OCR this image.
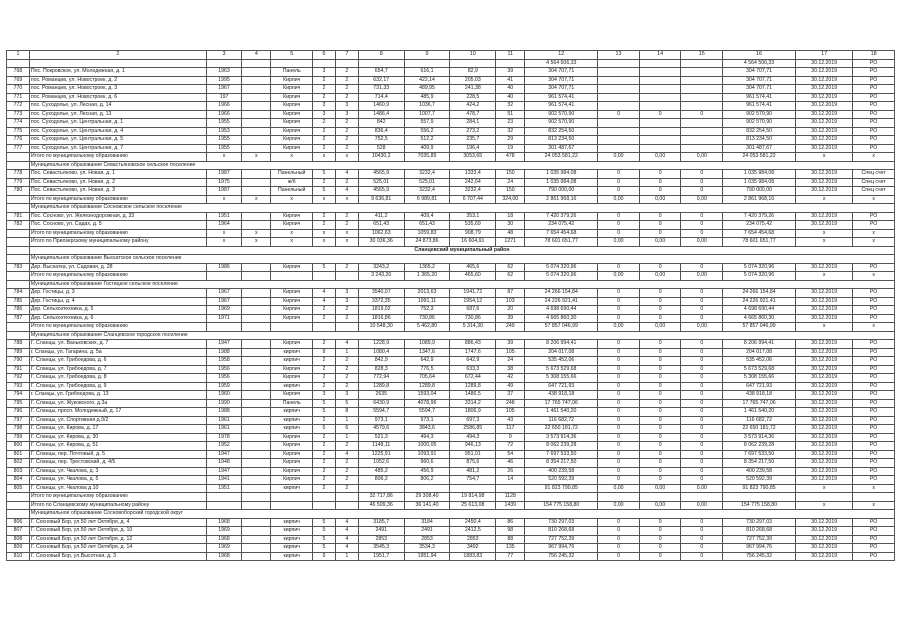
1	2	3	4	5	6	7	8	9	10	11	12	13	14	15	16	17	18
											4 564 506,33				4 564 506,33	30.12.2019	РО
768	Пос. Покровское, ул. Молодежная, д. 1	1963		Панель	3	2	654,7	616,1	82,9	39	304 707,71				304 707,71	30.12.2019	РО
769	пос. Романцев, ул. Новостроек, д. 2	1995		Кирпич	2	2	632,17	422,14	205,03	41	304 707,71				304 707,71	30.12.2019	РО
770	пос. Романцев, ул. Новостроек, д. 3	1967		Кирпич	2	2	731,33	489,95	241,38	40	304 707,71				304 707,71	30.12.2019	РО
771	пос. Романцев, ул. Новостроек, д. 6	197		Кирпич	2	2	714,4	485,9	228,5	40	961 574,41				961 574,41	30.12.2019	РО
772	пос. Суходолье, ул. Лесная, д. 14	1966		Кирпич	3	3	1460,9	1036,7	424,2	32	961 574,41				961 574,41	30.12.2019	РО
773	пос. Суходолье, ул. Лесная, д. 13	1966		Кирпич	3	3	1486,4	1007,7	478,7	51	902 570,90	0	0	0	902 570,90	30.12.2019	РО
774	пос. Суходолье, ул. Центральная, д. 1	1955		Кирпич	2	2	842	557,9	284,1	23	902 570,90				902 570,90	30.12.2019	РО
775	пос. Суходолье, ул. Центральная, д. 4	1953		Кирпич	2	2	836,4	556,2	273,2	32	832 254,50				832 254,50	30.12.2019	РО
776	пос. Суходолье, ул. Центральная, д. 5	1955		Кирпич	2	2	752,5	512,2	235,7	29	813 234,50				813 234,50	30.12.2019	РО
777	пос. Суходолье, ул. Центральная, д. 7	1955		Кирпич	2	2	528	409,9	196,4	19	301 487,67				301 487,67	30.12.2019	РО
	Итого по муниципальному образованию	х	х	х	х	х	10430,2	7035,89	3053,65	478	24 053 581,22	0,00	0,00	0,00	24 053 581,22	х	х
	Муниципальное образование Севастьяновское сельское поселение																
778	Пос. Севастьяново, ул. Новая, д. 1	1987		Панельный	5	4	4565,9	3232,4	1333,4	150	1 035 984,08	0	0	0	1 035 984,08	30.12.2019	Спец счет
779	Пос. Севастьяново, ул. Новая, д. 2	1975		ж/б	2	2	525,01	525,01	242,64	24	1 035 984,08	0	0	0	1 035 984,08	30.12.2019	Спец счет
780	Пос. Севастьяново, ул. Новая, д. 3	1987		Панельный	5	4	4565,9	3232,4	3232,4	150	790 000,00	0	0	0	790 000,00	30.12.2019	Спец счет
	Итого по муниципальному образованию	х	х	х	х	х	9 636,81	6 989,81	6 707,44	324,00	2 861 968,16	0,00	0,00	0,00	2 861 968,16	х	х
	Муниципальное образование Сосновское сельское поселение																
781	Пос. Сосново, ул. Железнодорожная, д. 33	1951		Кирпич	2	2	411,2	409,4	353,1	18	7 420 379,26	0	0	0	7 420 379,26	30.12.2019	РО
782	Пос. Сосново, ул. Садах, д. 5	1964		Кирпич	2	2	651,43	651,43	535,69	30	234 075,42	0	0	0	234 075,42	30.12.2019	РО
	Итого по муниципальному образованию	х	х	х	х	х	1062,63	1059,83	908,79	48	7 654 454,68	0	0	0	7 654 454,68	х	х
	Итого по Приозерскому муниципальному району	х	х	х	х	х	30 036,36	24 873,86	16 604,91	1271	78 601 651,77	0,00	0,00	0,00	78 601 651,77	х	х
	Сланцевский муниципальный район																
	Муниципальное образование Выскатское сельское поселение																
783	Дер. Выскатка, ул. Садовая, д. 28	1986		Кирпич	5	2	3243,2	1365,2	465,6	62	5 074 320,96	0	0	0	5 074 320,96	30.12.2019	РО
	Итого по муниципальному образованию						3 243,20	1 365,20	465,60	62	5 074 320,96	0,00	0,00	0,00	5 074 320,96	х	х
	Муниципальное образование Гостицкое сельское поселение																
784	Дер. Гостицы, д. 3	1967		Кирпич	4	3	3540,07	2013,63	1941,72	87	24 266 154,84	0	0	0	24 266 154,84	30.12.2019	РО
785	Дер. Гостицы, д. 4	1967		Кирпич	4	3	3372,35	1991,11	1954,12	103	24 226 921,41	0	0	0	24 226 921,41	30.12.2019	РО
786	Дер. Сельхозтехника, д. 5	1969		Кирпич	2	2	1819,02	752,3	687,6	20	4 698 690,44	0	0	0	4 698 690,44	30.12.2019	РО
787	Дер. Сельхозтехника, д. 6	1971		Кирпич	2	2	1816,86	730,86	730,86	39	4 665 860,30	0	0	0	4 665 860,30	30.12.2019	РО
	Итого по муниципальному образованию						10 548,30	5 462,80	5 314,30	249	57 857 046,99	0,00	0,00	0,00	57 857 046,99	х	х
	Муниципальное образование Сланцевское городское поселение																
788	Г. Сланцы, ул. Ваньковских, д. 7	1947		Кирпич	2	4	1228,9	1089,9	886,43	39	8 206 994,41	0	0	0	8 206 994,41	30.12.2019	РО
789	г. Сланцы, ул. Гагарина, д. 5а	1988		кирпич	9	1	1080,4	1347,6	1747,6	105	204 017,08	0	0	0	204 017,08	30.12.2019	РО
790	Г. Сланцы, ул. Грибоедова, д. 6	1958		кирпич	2	2	842,9	642,9	642,9	24	535 452,06	0	0	0	535 452,06	30.12.2019	РО
791	Г. Сланцы, ул. Грибоедова, д. 7	1956		Кирпич	2	2	828,3	776,5	633,3	38	5 673 529,68	0	0	0	5 673 529,68	30.12.2019	РО
792	Г. Сланцы, ул. Грибоедова, д. 8	1956		Кирпич	2	2	772,94	705,64	672,44	42	5 308 155,66	0	0	0	5 308 155,66	30.12.2019	РО
793	Г. Сланцы, ул. Грибоедова, д. 9	1959		кирпич	2	2	1289,8	1289,8	1289,8	49	647 721,93	0	0	0	647 721,93	30.12.2019	РО
794	г. Сланцы, ул. Грибоедова, д. 13	1960		Кирпич	3	3	2635	1593,04	1486,5	37	438 918,18	0	0	0	438 918,18	30.12.2019	РО
795	Г. Сланцы, ул. Жуковского, д.3а	1990		Панель	5	5	6430,9	4078,96	3314,2	248	17 765 747,06	0	0	0	17 765 747,06	30.12.2019	РО
796	Г. Сланцы, просп. Молодежный, д. 17	1988		кирпич	5	8	5594,7	5594,7	1806,9	105	1 461 540,20	0	0	0	1 461 540,20	30.12.2019	РО
797	Г. Сланцы, ул. Спортивная д.9/2	1961		кирпич	2	1	973,1	973,1	697,3	43	116 682,72	0	0	0	116 682,72	30.12.2019	РО
798	Г. Сланцы, ул. Кирова, д. 17	1961		кирпич	5	6	4579,6	3843,6	2586,85	117	22 650 181,72	0	0	0	22 650 181,72	30.12.2019	РО
799	Г. Сланцы, ул. Кирова, д. 30	1978		Кирпич	2	1	521,3	494,3	494,3	9	3 573 914,36	0	0	0	3 573 914,36	30.12.2019	РО
800	Г. Сланцы, ул. Кирова, д. 51	1952		Кирпич	2	2	1148,11	1000,05	946,13	72	8 062 239,28	0	0	0	8 062 239,28	30.12.2019	РО
801	Г. Сланцы, пер. Почтовый, д. 5	1947		Кирпич	2	4	1225,91	1093,91	951,01	54	7 697 533,50	0	0	0	7 697 533,50	30.12.2019	РО
802	Г. Сланцы, пер. Трестовский, д. 4/5	1948		Кирпич	2	2	1052,6	960,6	875,6	46	8 354 217,50	0	0	0	8 354 217,50	30.12.2019	РО
803	Г. Сланцы, ул. Чкалова, д. 3	1947		Кирпич	2	2	485,2	456,9	481,2	26	400 239,58	0	0	0	400 239,58	30.12.2019	РО
804	Г. Сланцы, ул. Чкалова, д. 5	1941		Кирпич	2	2	806,2	806,2	754,7	14	520 592,39	0	0	0	520 592,39	30.12.2019	РО
805	Г. Сланцы, ул. Чкалова д.10	1951		кирпич	2	2					91 823 790,85	0,00	0,00	0,00	91 823 790,85	х	х
	Итого по муниципальному образованию						32 717,86	29 308,40	19 814,98	1128							
	Итого по Сланцевскому муниципальному району						46 509,36	36 141,40	25 613,08	1439	154 775 158,80	0,00	0,00	0,00	154 775 158,80	х	х
	Муниципальное образование Сосновоборский городской округ																
806	Г. Сосновый Бор, ул.50 лет Октября, д. 4	1968		кирпич	5	4	3185,7	3184	2450,4	86	730 297,03	0	0	0	730 297,03	30.12.2019	РО
807	Г. Сосновый Бор, ул.50 лет Октября, д. 10	1969		кирпич	5	4	2491	2491	2412,5	98	810 268,68	0	0	0	810 268,68	30.12.2019	РО
808	Г. Сосновый Бор, ул.50 лет Октября, д. 12	1968		кирпич	5	4	2853	2853	2853	88	727 752,39	0	0	0	727 752,39	30.12.2019	РО
809	Г. Сосновый Бор, ул.50 лет Октября, д. 14	1969		кирпич	5	4	3545,3	3534,3	3492	135	967 994,76	0	0	0	967 994,76	30.12.2019	РО
810	Г. Сосновый Бор, ул.Высотная, д. 3	1968		кирпич	9	1	1951,7	1951,94	1883,83	77	756 245,32	0	0	0	756 245,32	30.12.2019	РО
